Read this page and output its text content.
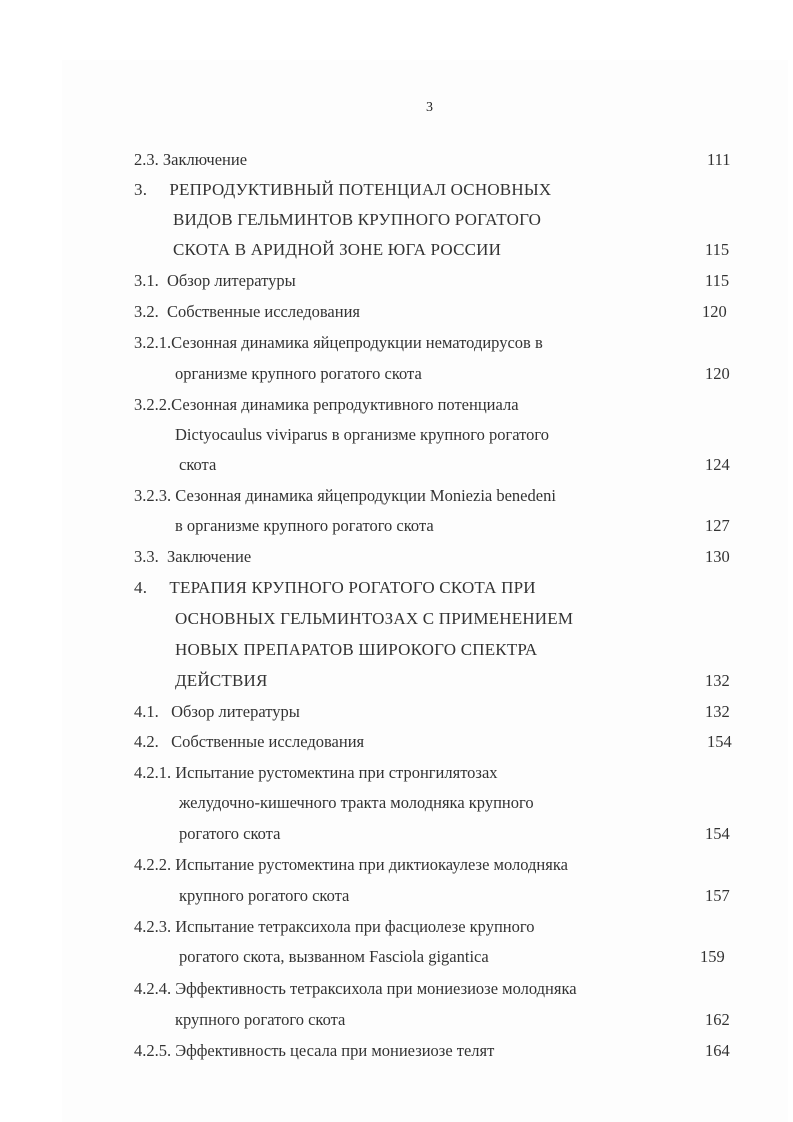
3
2.3. Заключение	111
3.     РЕПРОДУКТИВНЫЙ ПОТЕНЦИАЛ ОСНОВНЫХ
ВИДОВ ГЕЛЬМИНТОВ КРУПНОГО РОГАТОГО
СКОТА В АРИДНОЙ ЗОНЕ ЮГА РОССИИ	115
3.1.  Обзор литературы	115
3.2.  Собственные исследования	120
3.2.1.Сезонная динамика яйцепродукции нематодирусов в
организме крупного рогатого скота	120
3.2.2.Сезонная динамика репродуктивного потенциала
Dictyocaulus viviparus в организме крупного рогатого
скота	124
3.2.3. Сезонная динамика яйцепродукции Moniezia benedeni
в организме крупного рогатого скота	127
3.3.  Заключение	130
4.     ТЕРАПИЯ КРУПНОГО РОГАТОГО СКОТА ПРИ
ОСНОВНЫХ ГЕЛЬМИНТОЗАХ С ПРИМЕНЕНИЕМ
НОВЫХ ПРЕПАРАТОВ ШИРОКОГО СПЕКТРА
ДЕЙСТВИЯ	132
4.1.   Обзор литературы	132
4.2.   Собственные исследования	154
4.2.1. Испытание рустомектина при стронгилятозах
желудочно-кишечного тракта молодняка крупного
рогатого скота	154
4.2.2. Испытание рустомектина при диктиокаулезе молодняка
крупного рогатого скота	157
4.2.3. Испытание тетраксихола при фасциолезе крупного
рогатого скота, вызванном Fasciola gigantica	159
4.2.4. Эффективность тетраксихола при мониезиозе молодняка
крупного рогатого скота	162
4.2.5. Эффективность цесала при мониезиозе телят	164
